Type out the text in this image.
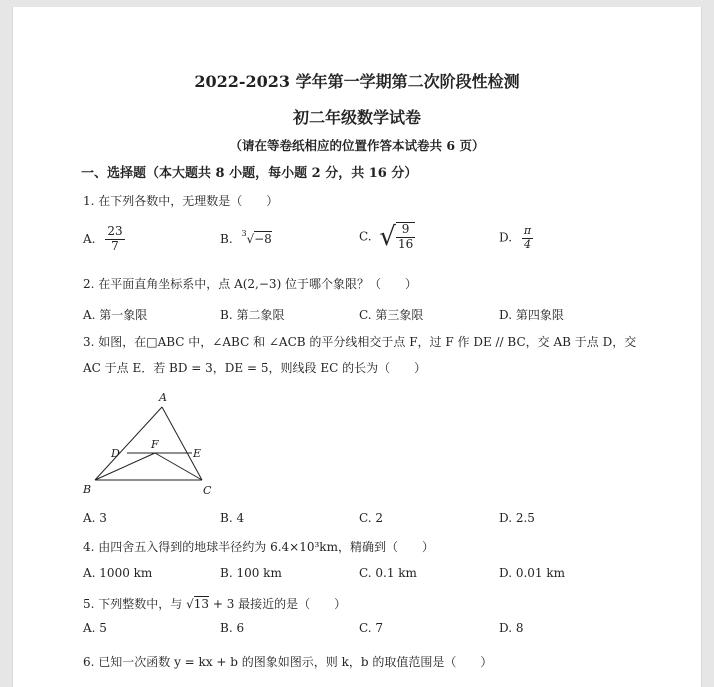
2022-2023 学年第一学期第二次阶段性检测
初二年级数学试卷
（请在等卷纸相应的位置作答本试卷共 6 页）
一、选择题（本大题共 8 小题，每小题 2 分，共 16 分）
1. 在下列各数中，无理数是（　　）
A. $\frac{23}{7}$	B. 3 √−8	C. √ $\frac{9}{16}$	D. $\frac{\pi}{4}$
2. 在平面直角坐标系中，点 A(2,−3) 位于哪个象限？（　　）
A. 第一象限	B. 第二象限	C. 第三象限	D. 第四象限
3. 如图，在□ABC 中，∠ABC 和 ∠ACB 的平分线相交于点 F，过 F 作 DE // BC，交 AB 于点 D，交
AC 于点 E．若 BD = 3，DE = 5，则线段 EC 的长为（　　）
A
B	C
D	E
F
A. 3	B. 4	C. 2	D. 2.5
4. 由四舍五入得到的地球半径约为 6.4×10³km，精确到（　　）
A. 1000 km	B. 100 km	C. 0.1 km	D. 0.01 km
5. 下列整数中，与 √13 + 3 最接近的是（　　）
A. 5	B. 6	C. 7	D. 8
6. 已知一次函数 y = kx + b 的图象如图示，则 k，b 的取值范围是（　　）
